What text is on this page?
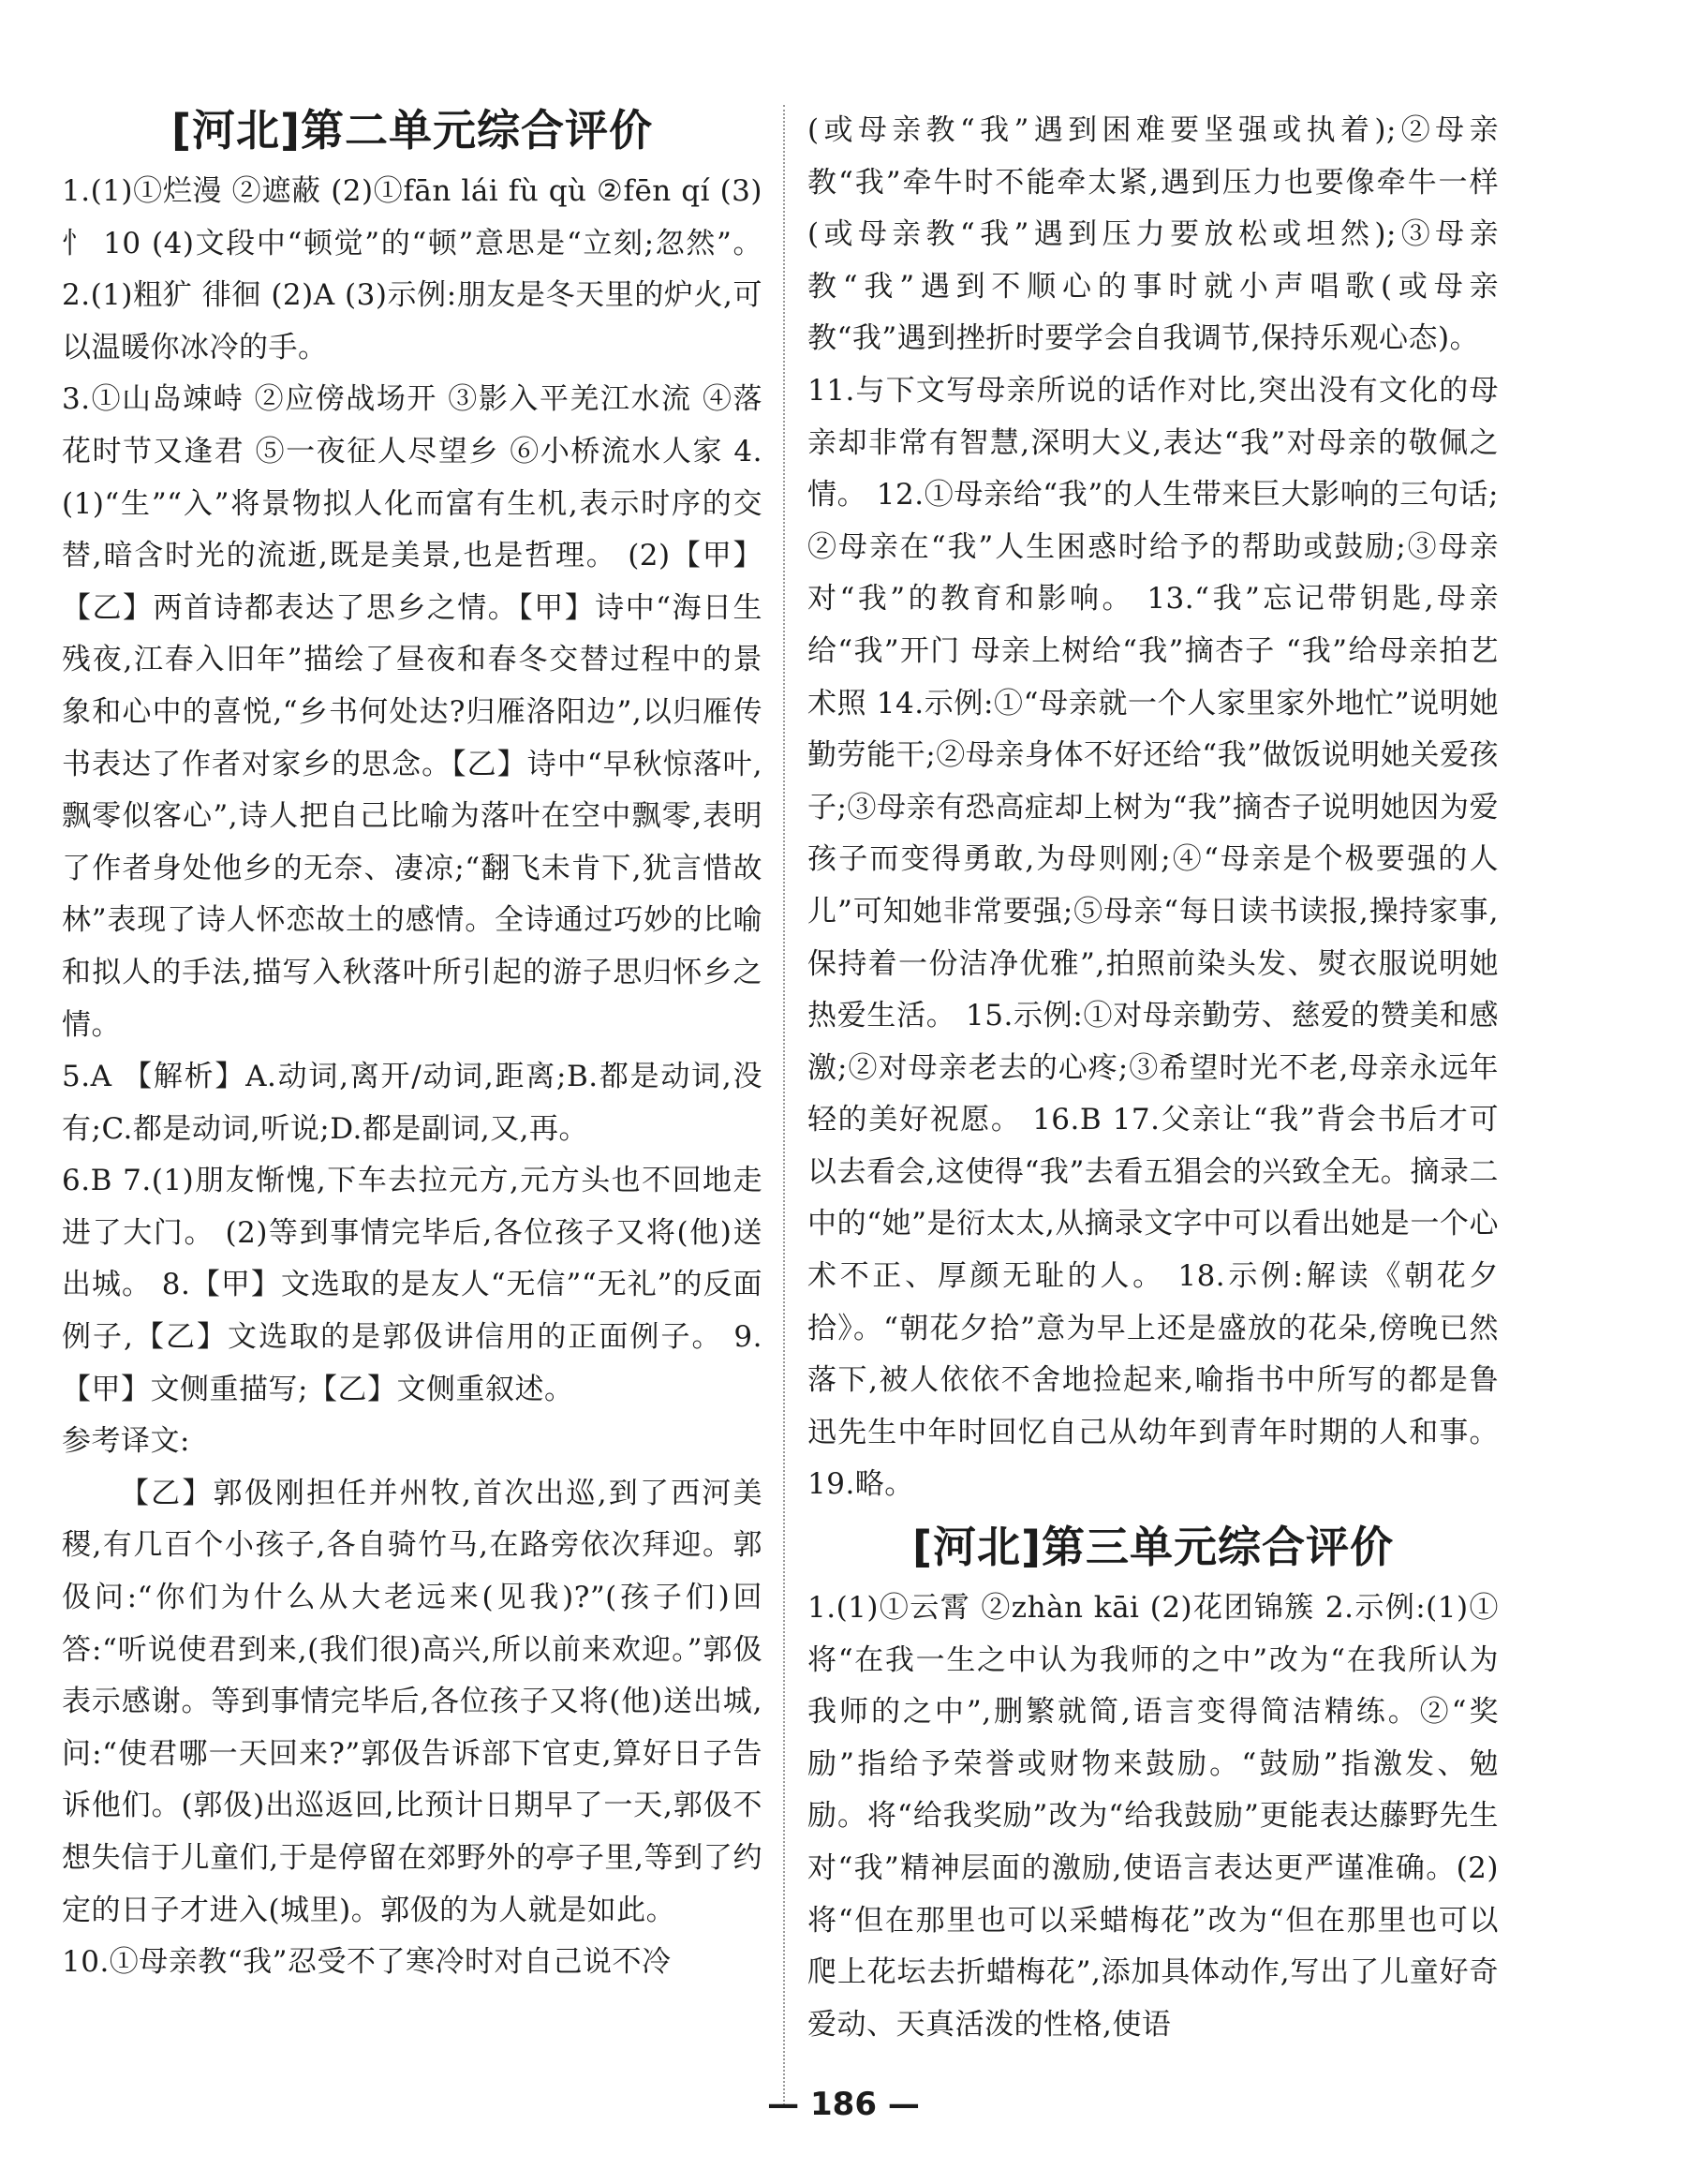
[河北]第二单元综合评价

1.(1)①烂漫 ②遮蔽 (2)①fān lái fù qù ②fēn qí (3)忄 10 (4)文段中“顿觉”的“顿”意思是“立刻;忽然”。 2.(1)粗犷 徘徊 (2)A (3)示例:朋友是冬天里的炉火,可以温暖你冰冷的手。

3.①山岛竦峙 ②应傍战场开 ③影入平羌江水流 ④落花时节又逢君 ⑤一夜征人尽望乡 ⑥小桥流水人家 4.(1)“生”“入”将景物拟人化而富有生机,表示时序的交替,暗含时光的流逝,既是美景,也是哲理。 (2)【甲】【乙】两首诗都表达了思乡之情。【甲】诗中“海日生残夜,江春入旧年”描绘了昼夜和春冬交替过程中的景象和心中的喜悦,“乡书何处达?归雁洛阳边”,以归雁传书表达了作者对家乡的思念。【乙】诗中“早秋惊落叶,飘零似客心”,诗人把自己比喻为落叶在空中飘零,表明了作者身处他乡的无奈、凄凉;“翻飞未肯下,犹言惜故林”表现了诗人怀恋故土的感情。全诗通过巧妙的比喻和拟人的手法,描写入秋落叶所引起的游子思归怀乡之情。

5.A 【解析】A.动词,离开/动词,距离;B.都是动词,没有;C.都是动词,听说;D.都是副词,又,再。

6.B 7.(1)朋友惭愧,下车去拉元方,元方头也不回地走进了大门。 (2)等到事情完毕后,各位孩子又将(他)送出城。 8.【甲】文选取的是友人“无信”“无礼”的反面例子,【乙】文选取的是郭伋讲信用的正面例子。 9.【甲】文侧重描写;【乙】文侧重叙述。

参考译文:

【乙】郭伋刚担任并州牧,首次出巡,到了西河美稷,有几百个小孩子,各自骑竹马,在路旁依次拜迎。郭伋问:“你们为什么从大老远来(见我)?”(孩子们)回答:“听说使君到来,(我们很)高兴,所以前来欢迎。”郭伋表示感谢。等到事情完毕后,各位孩子又将(他)送出城,问:“使君哪一天回来?”郭伋告诉部下官吏,算好日子告诉他们。(郭伋)出巡返回,比预计日期早了一天,郭伋不想失信于儿童们,于是停留在郊野外的亭子里,等到了约定的日子才进入(城里)。郭伋的为人就是如此。

10.①母亲教“我”忍受不了寒冷时对自己说不冷

(或母亲教“我”遇到困难要坚强或执着);②母亲教“我”牵牛时不能牵太紧,遇到压力也要像牵牛一样(或母亲教“我”遇到压力要放松或坦然);③母亲教“我”遇到不顺心的事时就小声唱歌(或母亲教“我”遇到挫折时要学会自我调节,保持乐观心态)。

11.与下文写母亲所说的话作对比,突出没有文化的母亲却非常有智慧,深明大义,表达“我”对母亲的敬佩之情。 12.①母亲给“我”的人生带来巨大影响的三句话;②母亲在“我”人生困惑时给予的帮助或鼓励;③母亲对“我”的教育和影响。 13.“我”忘记带钥匙,母亲给“我”开门 母亲上树给“我”摘杏子 “我”给母亲拍艺术照 14.示例:①“母亲就一个人家里家外地忙”说明她勤劳能干;②母亲身体不好还给“我”做饭说明她关爱孩子;③母亲有恐高症却上树为“我”摘杏子说明她因为爱孩子而变得勇敢,为母则刚;④“母亲是个极要强的人儿”可知她非常要强;⑤母亲“每日读书读报,操持家事,保持着一份洁净优雅”,拍照前染头发、熨衣服说明她热爱生活。 15.示例:①对母亲勤劳、慈爱的赞美和感激;②对母亲老去的心疼;③希望时光不老,母亲永远年轻的美好祝愿。 16.B 17.父亲让“我”背会书后才可以去看会,这使得“我”去看五猖会的兴致全无。摘录二中的“她”是衍太太,从摘录文字中可以看出她是一个心术不正、厚颜无耻的人。 18.示例:解读《朝花夕拾》。“朝花夕拾”意为早上还是盛放的花朵,傍晚已然落下,被人依依不舍地捡起来,喻指书中所写的都是鲁迅先生中年时回忆自己从幼年到青年时期的人和事。 19.略。

[河北]第三单元综合评价

1.(1)①云霄 ②zhàn kāi (2)花团锦簇 2.示例:(1)①将“在我一生之中认为我师的之中”改为“在我所认为我师的之中”,删繁就简,语言变得简洁精练。②“奖励”指给予荣誉或财物来鼓励。“鼓励”指激发、勉励。将“给我奖励”改为“给我鼓励”更能表达藤野先生对“我”精神层面的激励,使语言表达更严谨准确。(2)将“但在那里也可以采蜡梅花”改为“但在那里也可以爬上花坛去折蜡梅花”,添加具体动作,写出了儿童好奇爱动、天真活泼的性格,使语

— 186 —
